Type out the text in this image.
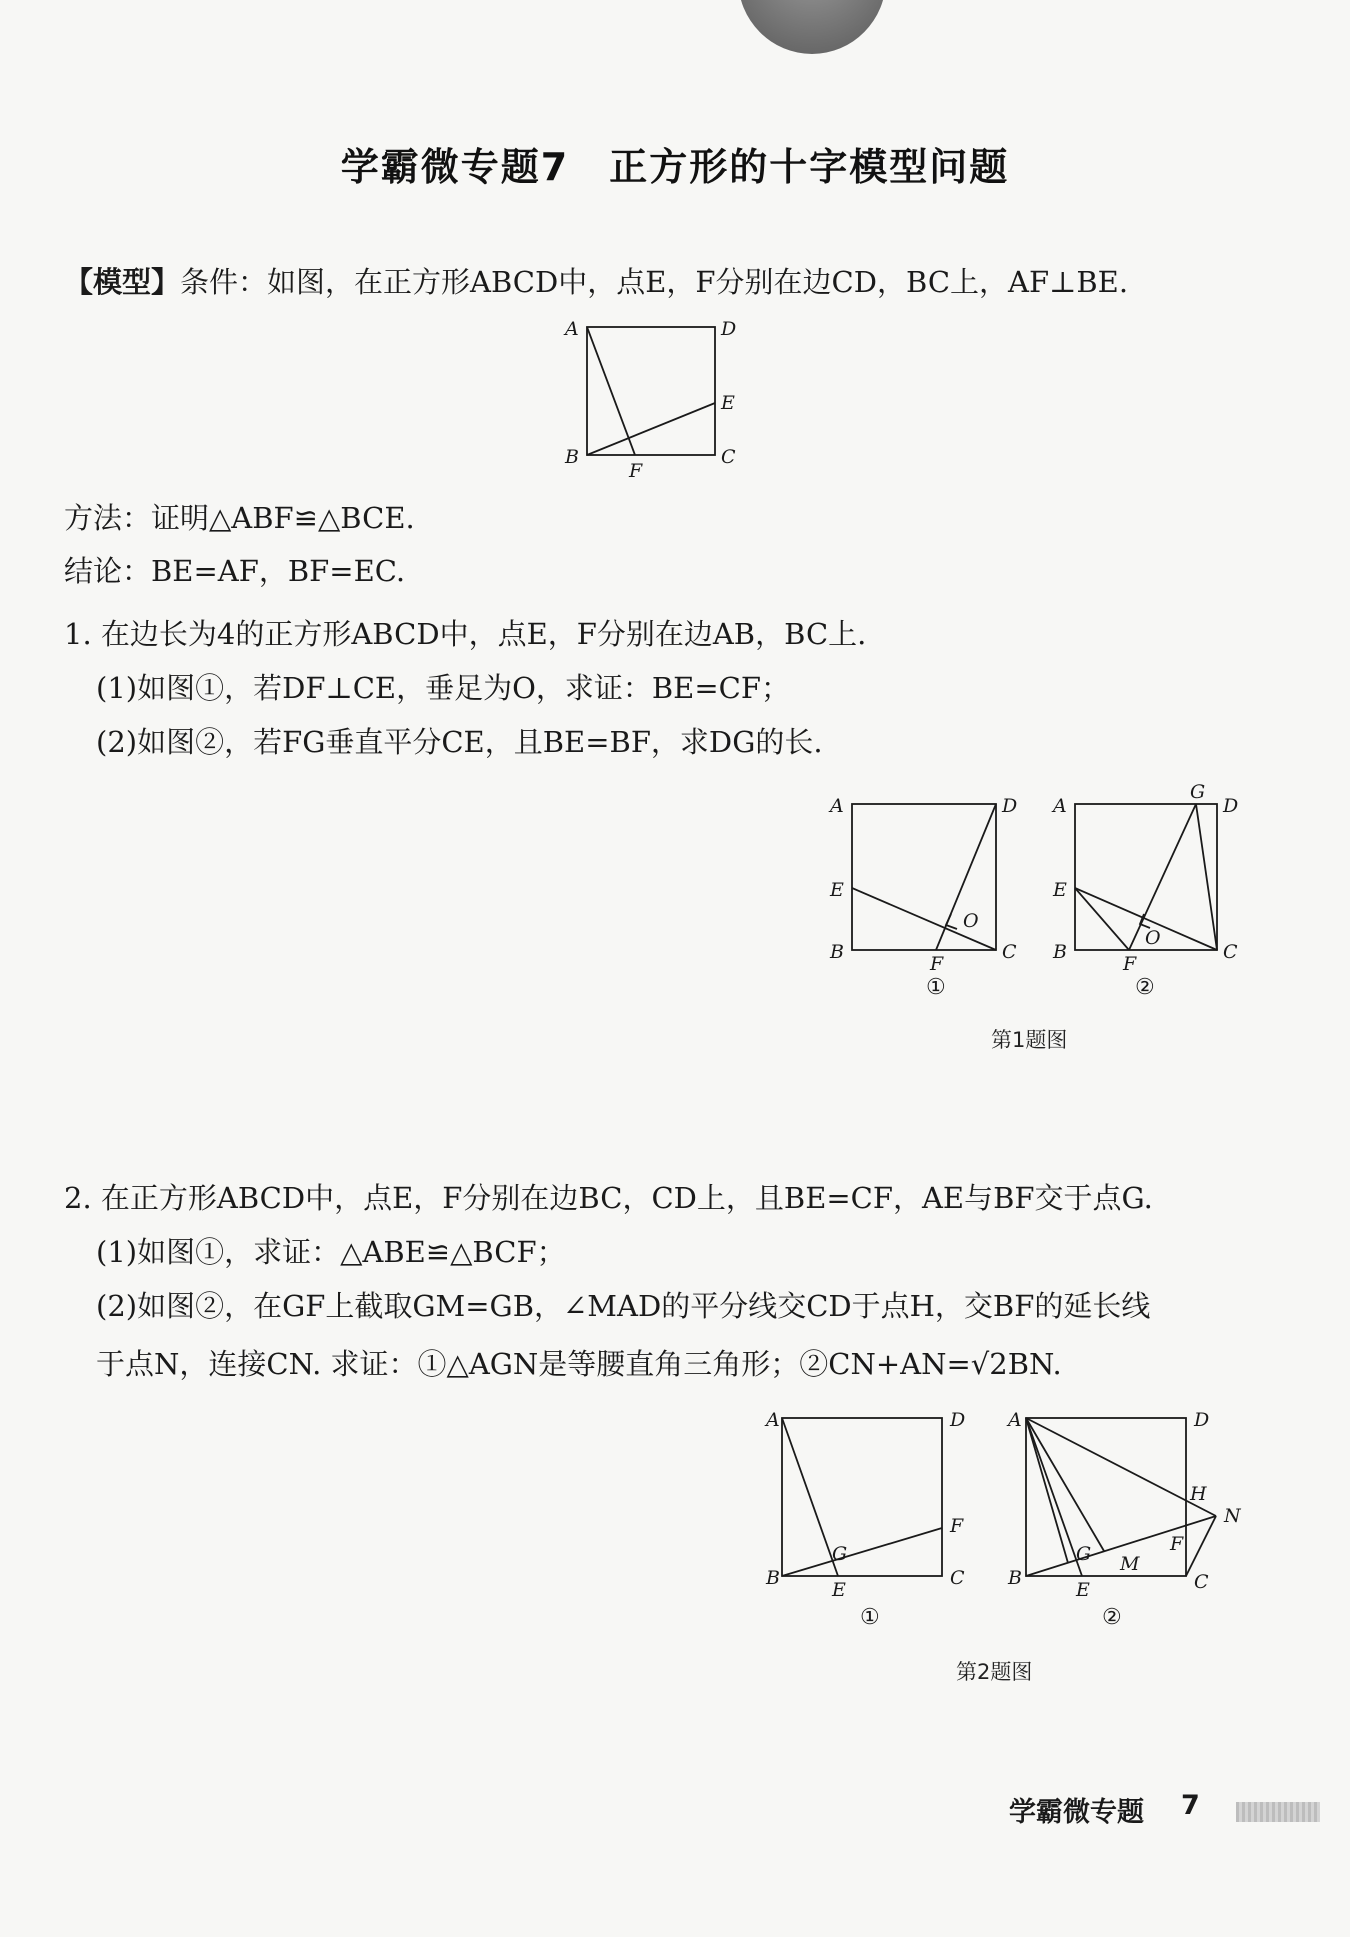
学霸微专题7　正方形的十字模型问题
【模型】条件：如图，在正方形ABCD中，点E，F分别在边CD，BC上，AF⊥BE.
A	D
E
B
F
C
方法：证明△ABF≌△BCE.
结论：BE=AF，BF=EC.
1. 在边长为4的正方形ABCD中，点E，F分别在边AB，BC上.
(1)如图①，若DF⊥CE，垂足为O，求证：BE=CF；
(2)如图②，若FG垂直平分CE，且BE=BF，求DG的长.
A	D
E
O
B
F
C
①
A
G
D
E
O
B
F
C
②
第1题图
2. 在正方形ABCD中，点E，F分别在边BC，CD上，且BE=CF，AE与BF交于点G.
(1)如图①，求证：△ABE≌△BCF；
(2)如图②，在GF上截取GM=GB，∠MAD的平分线交CD于点H，交BF的延长线
于点N，连接CN. 求证：①△AGN是等腰直角三角形；②CN+AN=√2BN.
A	D
F
G
B
E
C
①
A	D
H
N
G M
F
B
E	C
②
第2题图
学霸微专题 7
